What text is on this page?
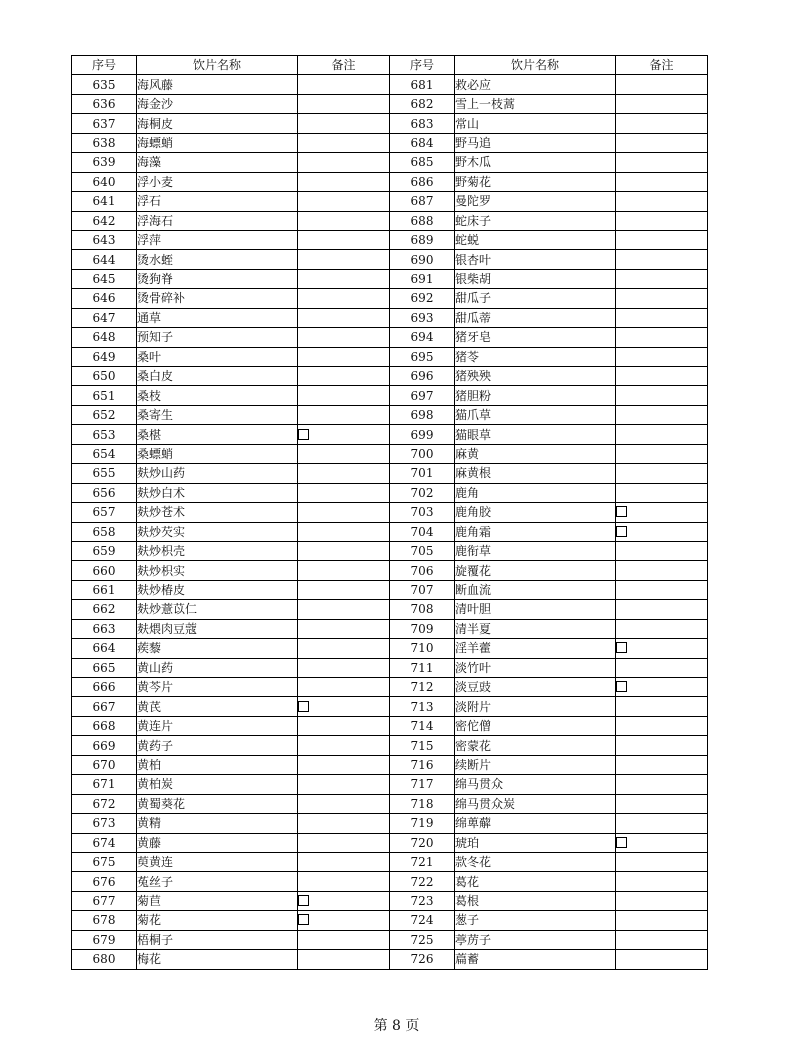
序号	饮片名称	备注	序号	饮片名称	备注
635	海风藤		681	救必应	
636	海金沙		682	雪上一枝蒿	
637	海桐皮		683	常山	
638	海螵蛸		684	野马追	
639	海藻		685	野木瓜	
640	浮小麦		686	野菊花	
641	浮石		687	曼陀罗	
642	浮海石		688	蛇床子	
643	浮萍		689	蛇蜕	
644	烫水蛭		690	银杏叶	
645	烫狗脊		691	银柴胡	
646	烫骨碎补		692	甜瓜子	
647	通草		693	甜瓜蒂	
648	预知子		694	猪牙皂	
649	桑叶		695	猪苓	
650	桑白皮		696	猪殃殃	
651	桑枝		697	猪胆粉	
652	桑寄生		698	猫爪草	
653	桑椹		699	猫眼草	
654	桑螵蛸		700	麻黄	
655	麸炒山药		701	麻黄根	
656	麸炒白术		702	鹿角	
657	麸炒苍术		703	鹿角胶	
658	麸炒芡实		704	鹿角霜	
659	麸炒枳壳		705	鹿衔草	
660	麸炒枳实		706	旋覆花	
661	麸炒椿皮		707	断血流	
662	麸炒薏苡仁		708	清叶胆	
663	麸煨肉豆蔻		709	清半夏	
664	蒺藜		710	淫羊藿	
665	黄山药		711	淡竹叶	
666	黄芩片		712	淡豆豉	
667	黄芪		713	淡附片	
668	黄连片		714	密佗僧	
669	黄药子		715	密蒙花	
670	黄柏		716	续断片	
671	黄柏炭		717	绵马贯众	
672	黄蜀葵花		718	绵马贯众炭	
673	黄精		719	绵萆薢	
674	黄藤		720	琥珀	
675	萸黄连		721	款冬花	
676	菟丝子		722	葛花	
677	菊苣		723	葛根	
678	菊花		724	葱子	
679	梧桐子		725	葶苈子	
680	梅花		726	萹蓄	
第 8 页
